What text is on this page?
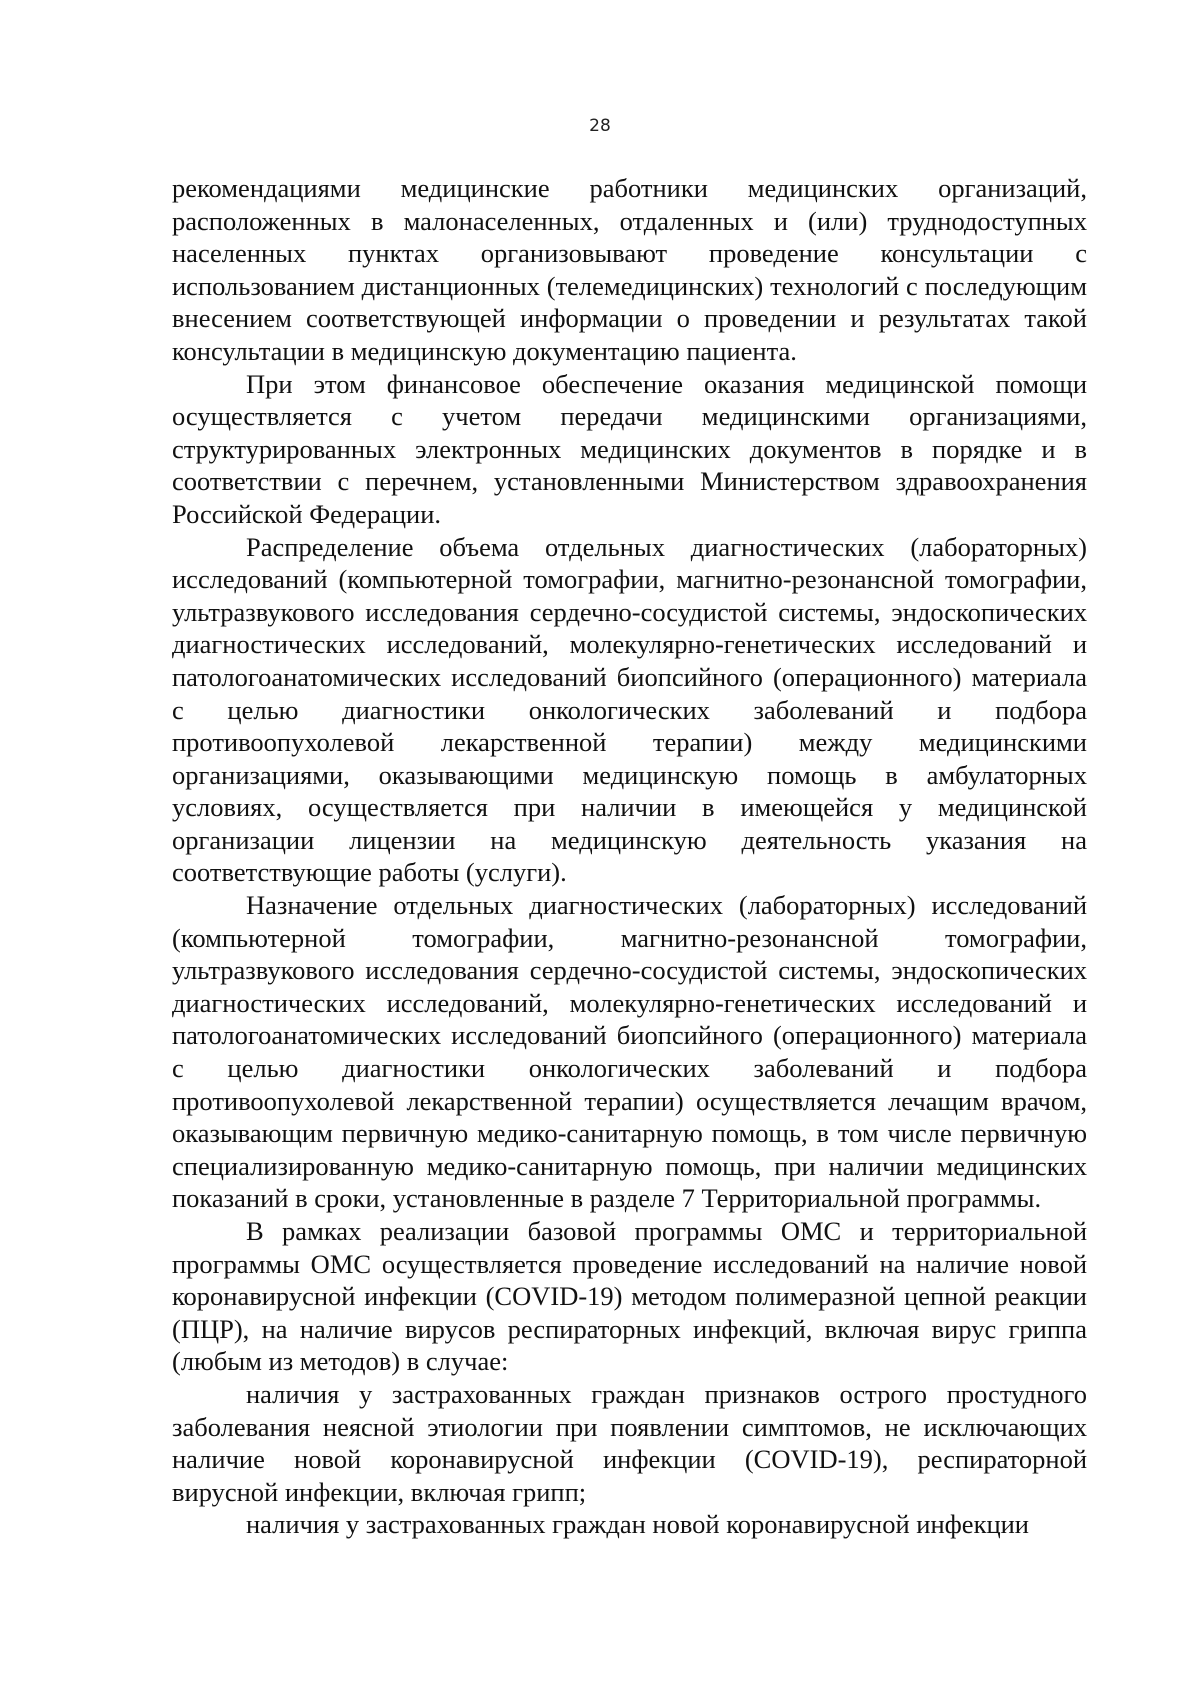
28

рекомендациями медицинские работники медицинских организаций, расположенных в малонаселенных, отдаленных и (или) труднодоступных населенных пунктах организовывают проведение консультации с использованием дистанционных (телемедицинских) технологий с последующим внесением соответствующей информации о проведении и результатах такой консультации в медицинскую документацию пациента.

При этом финансовое обеспечение оказания медицинской помощи осуществляется с учетом передачи медицинскими организациями, структурированных электронных медицинских документов в порядке и в соответствии с перечнем, установленными Министерством здравоохранения Российской Федерации.

Распределение объема отдельных диагностических (лабораторных) исследований (компьютерной томографии, магнитно-резонансной томографии, ультразвукового исследования сердечно-сосудистой системы, эндоскопических диагностических исследований, молекулярно-генетических исследований и патологоанатомических исследований биопсийного (операционного) материала с целью диагностики онкологических заболеваний и подбора противоопухолевой лекарственной терапии) между медицинскими организациями, оказывающими медицинскую помощь в амбулаторных условиях, осуществляется при наличии в имеющейся у медицинской организации лицензии на медицинскую деятельность указания на соответствующие работы (услуги).

Назначение отдельных диагностических (лабораторных) исследований (компьютерной томографии, магнитно-резонансной томографии, ультразвукового исследования сердечно-сосудистой системы, эндоскопических диагностических исследований, молекулярно-генетических исследований и патологоанатомических исследований биопсийного (операционного) материала с целью диагностики онкологических заболеваний и подбора противоопухолевой лекарственной терапии) осуществляется лечащим врачом, оказывающим первичную медико-санитарную помощь, в том числе первичную специализированную медико-санитарную помощь, при наличии медицинских показаний в сроки, установленные в разделе 7 Территориальной программы.

В рамках реализации базовой программы ОМС и территориальной программы ОМС осуществляется проведение исследований на наличие новой коронавирусной инфекции (COVID-19) методом полимеразной цепной реакции (ПЦР), на наличие вирусов респираторных инфекций, включая вирус гриппа (любым из методов) в случае:

наличия у застрахованных граждан признаков острого простудного заболевания неясной этиологии при появлении симптомов, не исключающих наличие новой коронавирусной инфекции (COVID-19), респираторной вирусной инфекции, включая грипп;

наличия у застрахованных граждан новой коронавирусной инфекции
